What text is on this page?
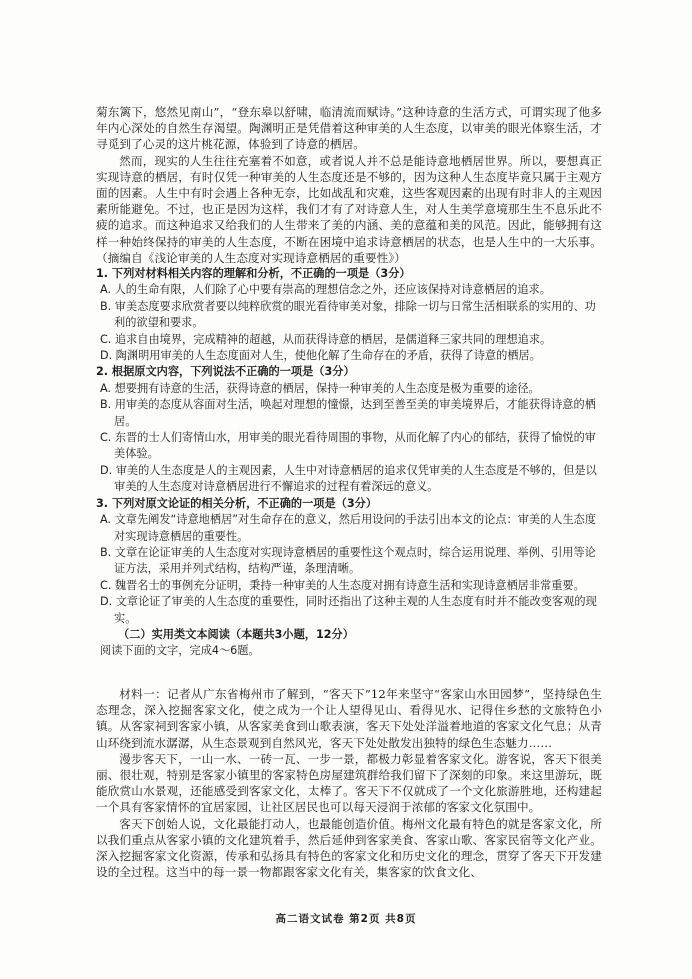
菊东篱下，悠然见南山”，“登东皋以舒啸，临清流而赋诗。”这种诗意的生活方式，可谓实现了他多年内心深处的自然生存渴望。陶渊明正是凭借着这种审美的人生态度，以审美的眼光体察生活，才寻觅到了心灵的这片桃花源，体验到了诗意的栖居。

然而，现实的人生往往充塞着不如意，或者说人并不总是能诗意地栖居世界。所以，要想真正实现诗意的栖居，有时仅凭一种审美的人生态度还是不够的，因为这种人生态度毕竟只属于主观方面的因素。人生中有时会遇上各种无奈，比如战乱和灾难，这些客观因素的出现有时非人的主观因素所能避免。不过，也正是因为这样，我们才有了对诗意人生，对人生美学意境那生生不息乐此不疲的追求。而这种追求又给我们的人生带来了美的内涵、美的意蕴和美的风范。因此，能够拥有这样一种始终保持的审美的人生态度，不断在困境中追求诗意栖居的状态，也是人生中的一大乐事。（摘编自《浅论审美的人生态度对实现诗意栖居的重要性》）

1. 下列对材料相关内容的理解和分析，不正确的一项是（3分）

A. 人的生命有限，人们除了心中要有崇高的理想信念之外，还应该保持对诗意栖居的追求。

B. 审美态度要求欣赏者要以纯粹欣赏的眼光看待审美对象，排除一切与日常生活相联系的实用的、功利的欲望和要求。

C. 追求自由境界，完成精神的超越，从而获得诗意的栖居，是儒道释三家共同的理想追求。

D. 陶渊明用审美的人生态度面对人生，使他化解了生命存在的矛盾，获得了诗意的栖居。

2. 根据原文内容，下列说法不正确的一项是（3分）

A. 想要拥有诗意的生活，获得诗意的栖居，保持一种审美的人生态度是极为重要的途径。

B. 用审美的态度从容面对生活，唤起对理想的憧憬，达到至善至美的审美境界后，才能获得诗意的栖居。

C. 东晋的士人们寄情山水，用审美的眼光看待周围的事物，从而化解了内心的郁结，获得了愉悦的审美体验。

D. 审美的人生态度是人的主观因素，人生中对诗意栖居的追求仅凭审美的人生态度是不够的，但是以审美的人生态度对诗意栖居进行不懈追求的过程有着深远的意义。

3. 下列对原文论证的相关分析，不正确的一项是（3分）

A. 文章先阐发“诗意地栖居”对生命存在的意义，然后用设问的手法引出本文的论点：审美的人生态度对实现诗意栖居的重要性。

B. 文章在论证审美的人生态度对实现诗意栖居的重要性这个观点时，综合运用说理、举例、引用等论证方法，采用并列式结构，结构严谨，条理清晰。

C. 魏晋名士的事例充分证明，秉持一种审美的人生态度对拥有诗意生活和实现诗意栖居非常重要。

D. 文章论证了审美的人生态度的重要性，同时还指出了这种主观的人生态度有时并不能改变客观的现实。

（二）实用类文本阅读（本题共3小题，12分）

阅读下面的文字，完成4～6题。

材料一：记者从广东省梅州市了解到，“客天下”12年来坚守“客家山水田园梦”，坚持绿色生态理念，深入挖掘客家文化，使之成为一个让人望得见山、看得见水、记得住乡愁的文旅特色小镇。从客家祠到客家小镇，从客家美食到山歌表演，客天下处处洋溢着地道的客家文化气息；从青山环绕到流水潺潺，从生态景观到自然风光，客天下处处散发出独特的绿色生态魅力……

漫步客天下，一山一水、一砖一瓦、一步一景，都极力彰显着客家文化。游客说，客天下很美丽、很壮观，特别是客家小镇里的客家特色房屋建筑群给我们留下了深刻的印象。来这里游玩，既能欣赏山水景观，还能感受到客家文化，太棒了。客天下不仅就成了一个文化旅游胜地，还构建起一个具有客家情怀的宜居家园，让社区居民也可以每天浸润于浓郁的客家文化氛围中。

客天下创始人说，文化最能打动人，也最能创造价值。梅州文化最有特色的就是客家文化，所以我们重点从客家小镇的文化建筑着手，然后延伸到客家美食、客家山歌、客家民宿等文化产业。深入挖掘客家文化资源，传承和弘扬具有特色的客家文化和历史文化的理念，贯穿了客天下开发建设的全过程。这当中的每一景一物都跟客家文化有关，集客家的饮食文化、

高二语文试卷 第2页 共8页
